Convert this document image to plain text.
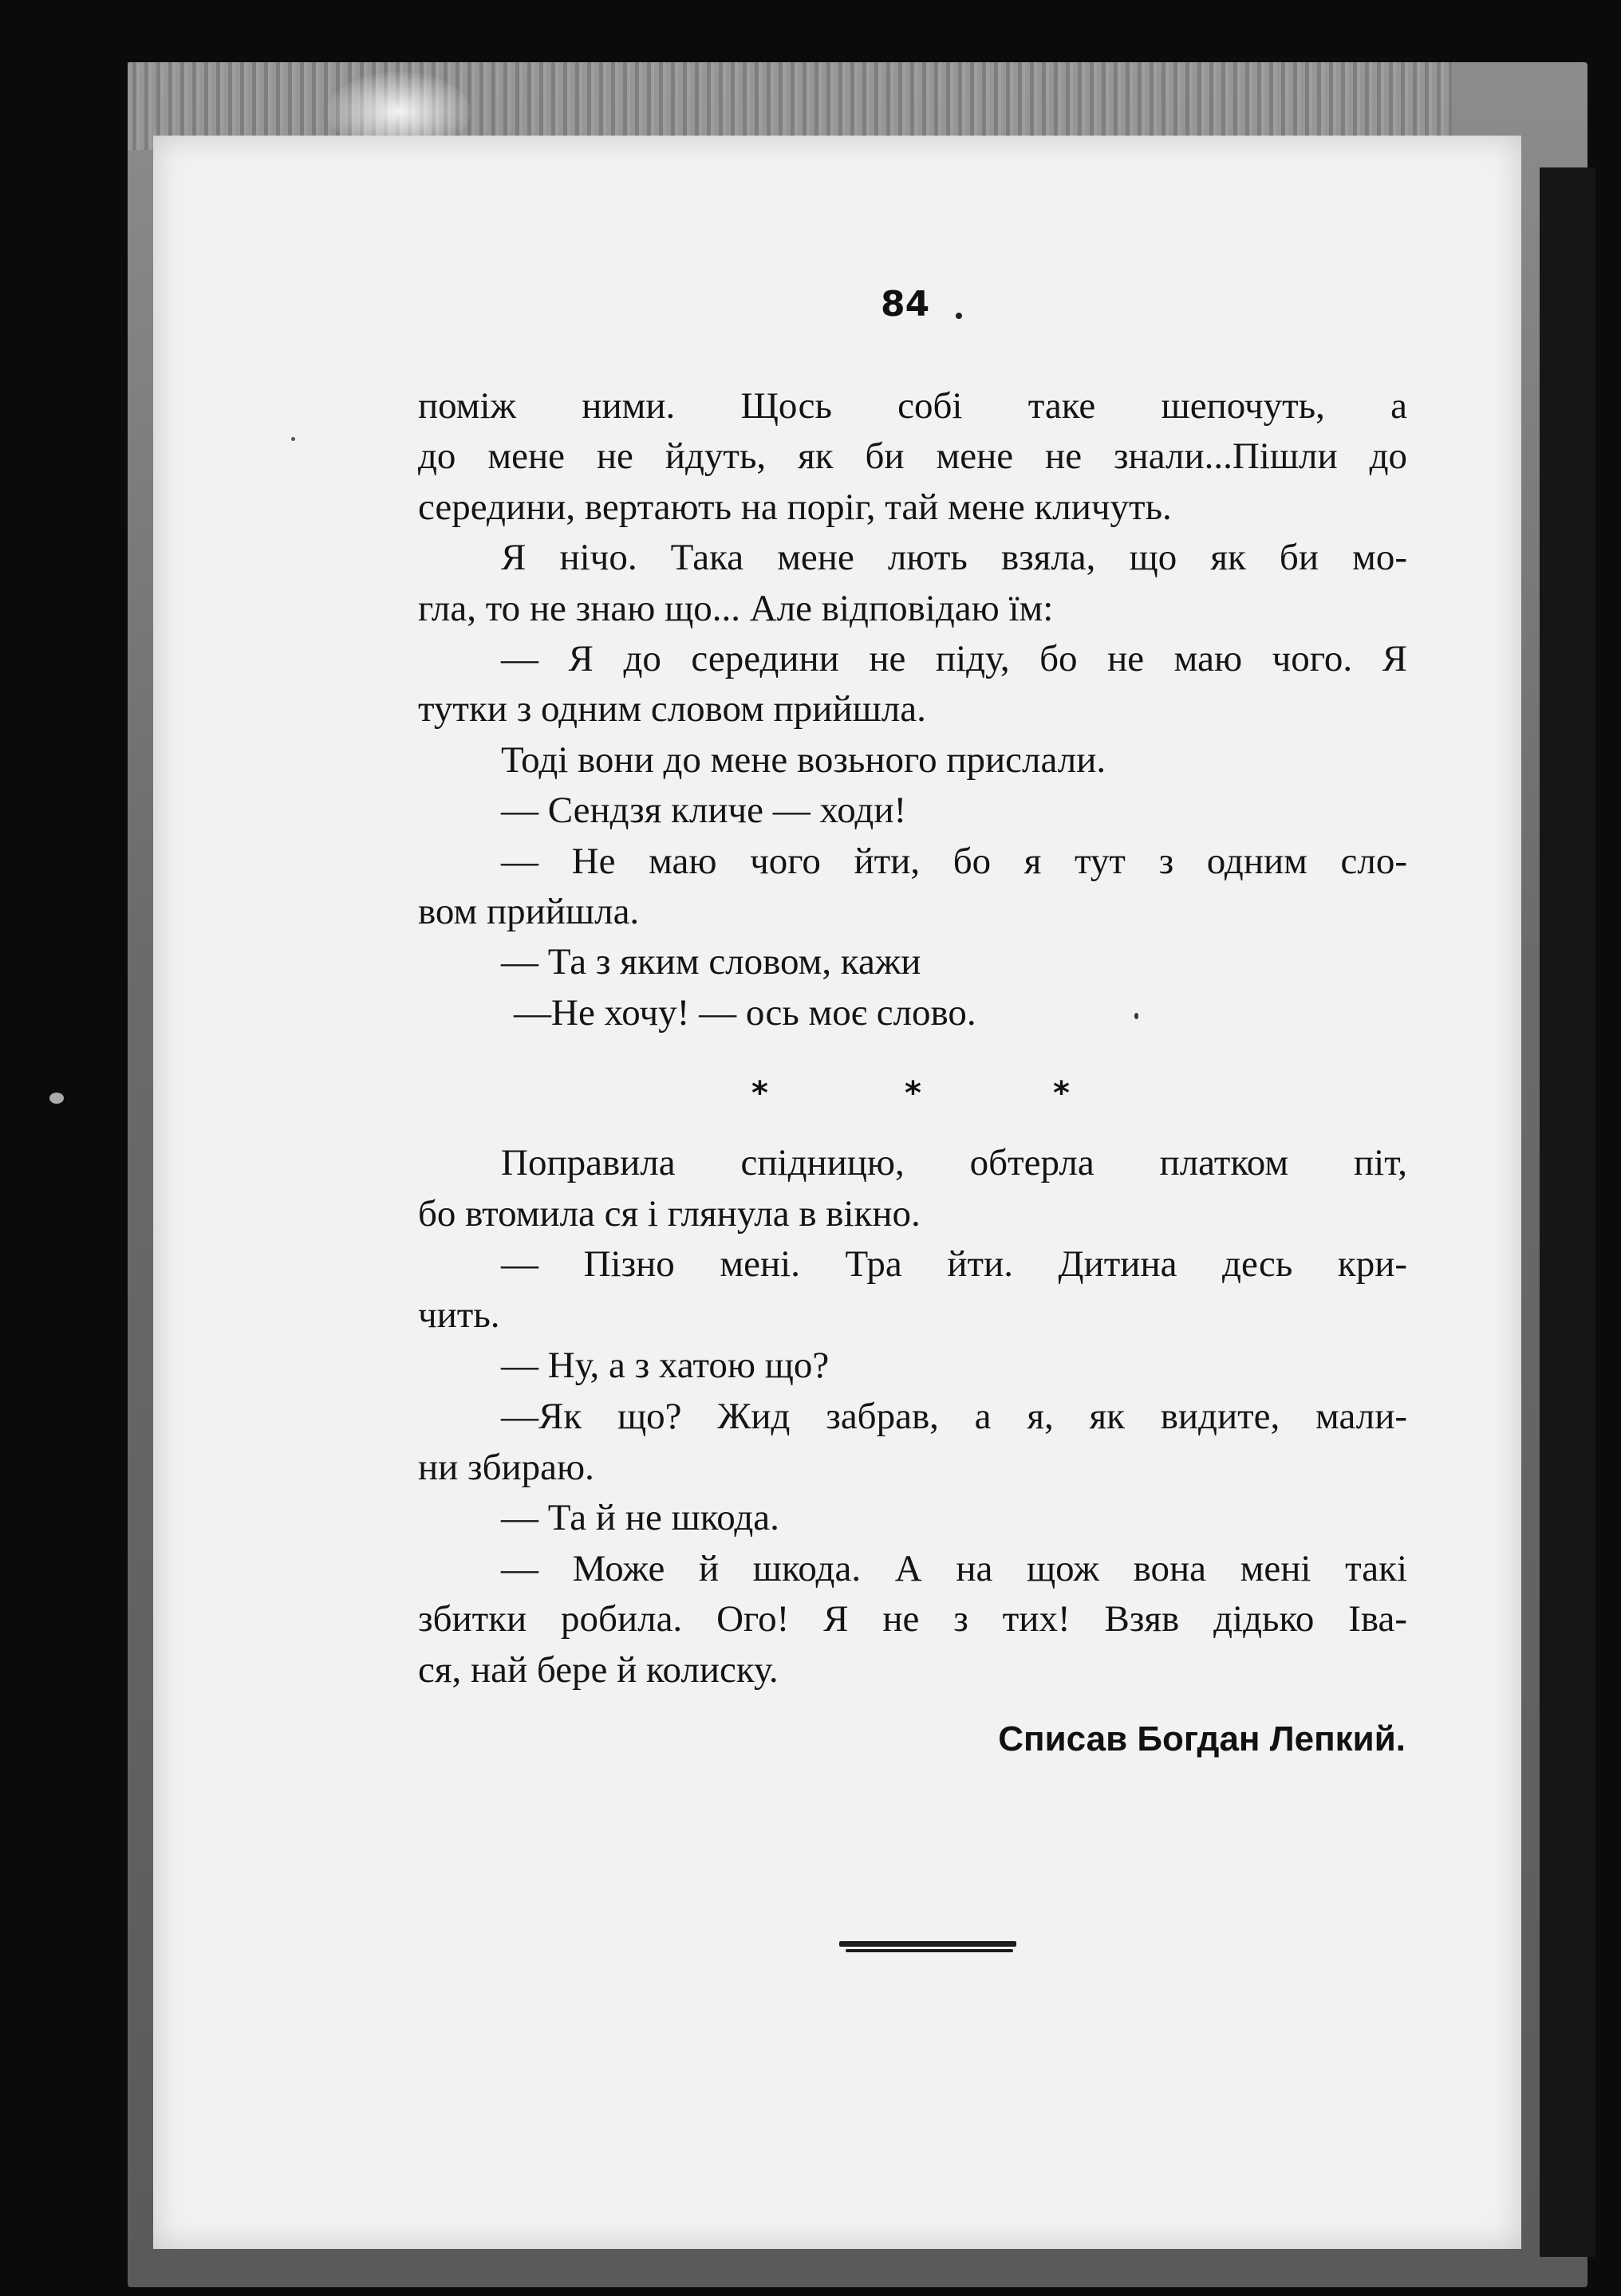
84
поміж ними. Щось собі таке шепочуть, а
до мене не йдуть, як би мене не знали...Пішли до
середини, вертають на поріг, тай мене кличуть.
Я нічо. Така мене лють взяла, що як би мо-
гла, то не знаю що... Але відповідаю їм:
— Я до середини не піду, бо не маю чого. Я
тутки з одним словом прийшла.
Тоді вони до мене возьного прислали.
— Сендзя кличе — ходи!
— Не маю чого йти, бо я тут з одним сло-
вом прийшла.
— Та з яким словом, кажи
—Не хочу! — ось моє слово.
*	*	*
Поправила спідницю, обтерла платком піт,
бо втомила ся і глянула в вікно.
— Пізно мені. Тра йти. Дитина десь кри-
чить.
— Ну, а з хатою що?
—Як що? Жид забрав, а я, як видите, мали-
ни збираю.
— Та й не шкода.
— Може й шкода. А на щож вона мені такі
збитки робила. Ого! Я не з тих! Взяв дідько Іва-
ся, най бере й колиску.
Списав Богдан Лепкий.
